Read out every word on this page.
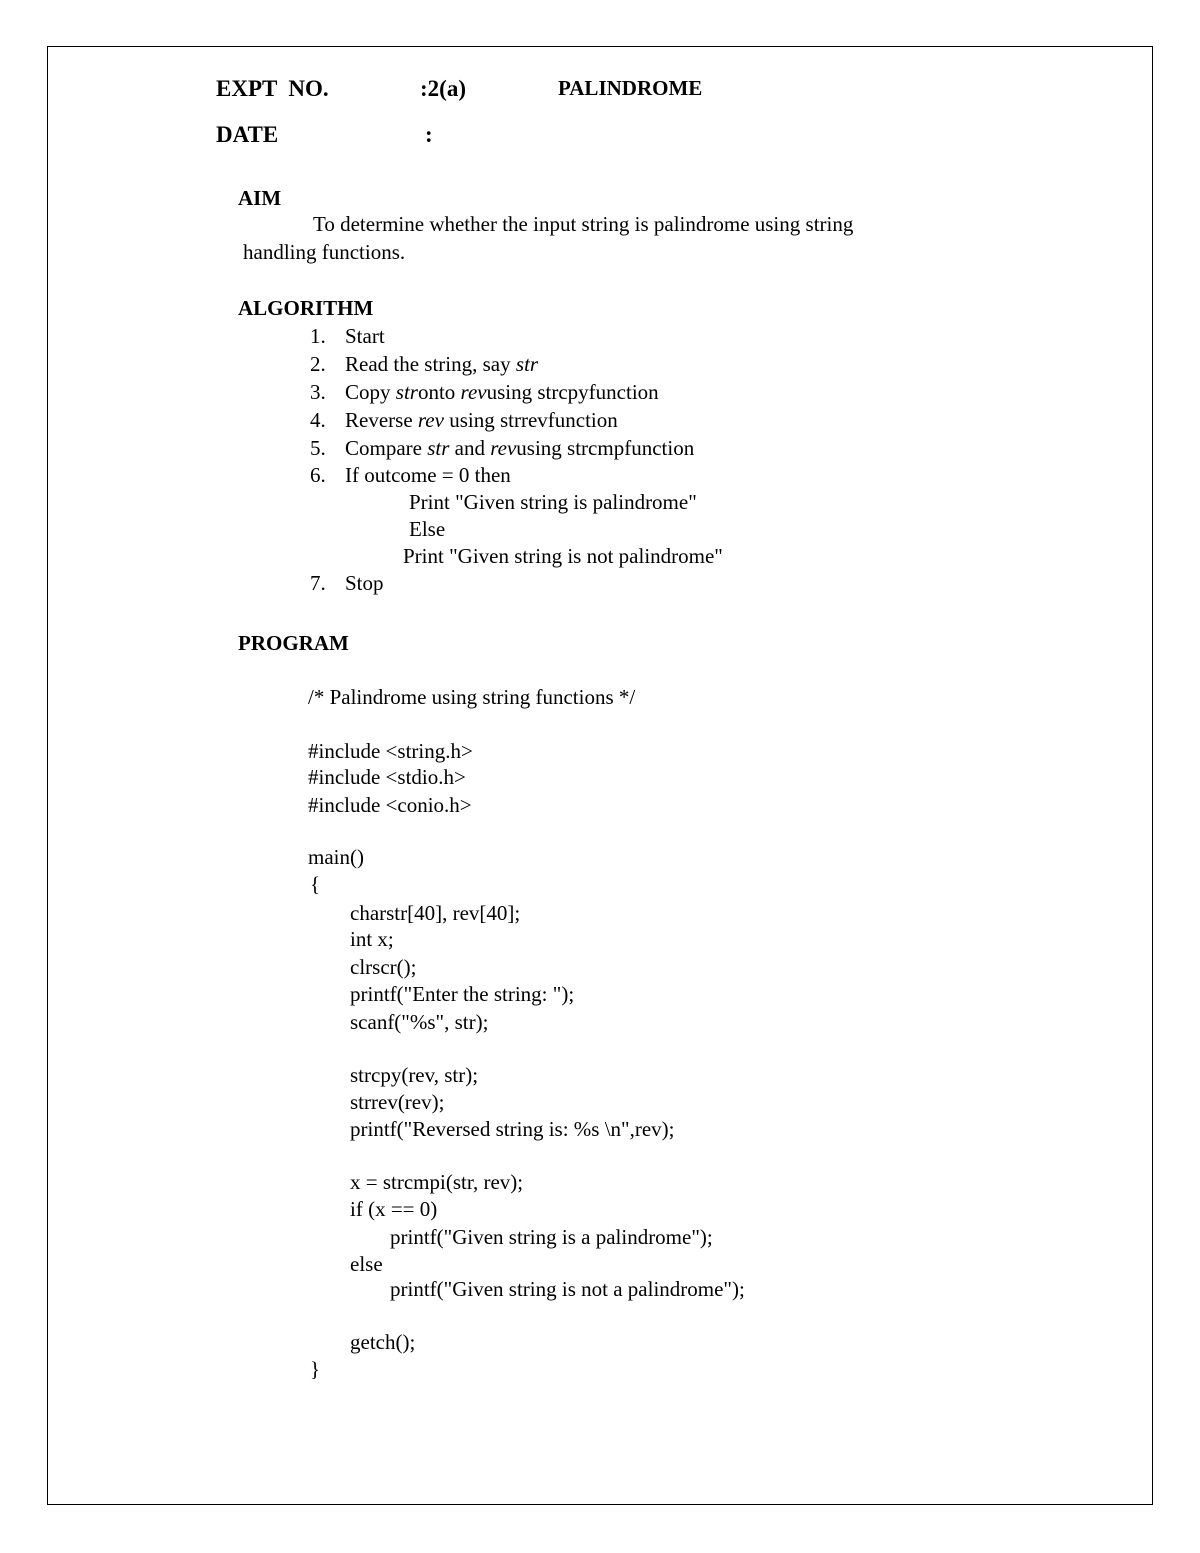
EXPT  NO.	:2(a)	PALINDROME
DATE	:
AIM
To determine whether the input string is palindrome using string
handling functions.
ALGORITHM
1. Start
2. Read the string, say str
3. Copy stronto revusing strcpyfunction
4. Reverse rev using strrevfunction
5. Compare str and revusing strcmpfunction
6. If outcome = 0 then
Print "Given string is palindrome"
Else
Print "Given string is not palindrome"
7. Stop
PROGRAM
/* Palindrome using string functions */
#include <string.h>
#include <stdio.h>
#include <conio.h>
main()
{
charstr[40], rev[40];
int x;
clrscr();
printf("Enter the string: ");
scanf("%s", str);
strcpy(rev, str);
strrev(rev);
printf("Reversed string is: %s \n",rev);
x = strcmpi(str, rev);
if (x == 0)
printf("Given string is a palindrome");
else
printf("Given string is not a palindrome");
getch();
}
